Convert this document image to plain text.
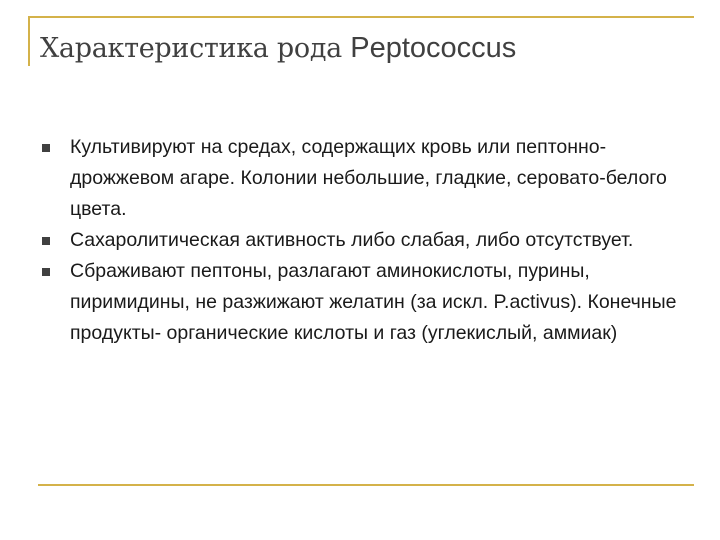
Характеристика рода Peptococcus
Культивируют на средах, содержащих кровь или пептонно-дрожжевом агаре. Колонии небольшие, гладкие, серовато-белого цвета.
Сахаролитическая активность либо слабая, либо отсутствует.
Сбраживают пептоны, разлагают аминокислоты, пурины, пиримидины, не разжижают желатин (за искл. P.activus). Конечные продукты- органические кислоты и газ (углекислый, аммиак)
